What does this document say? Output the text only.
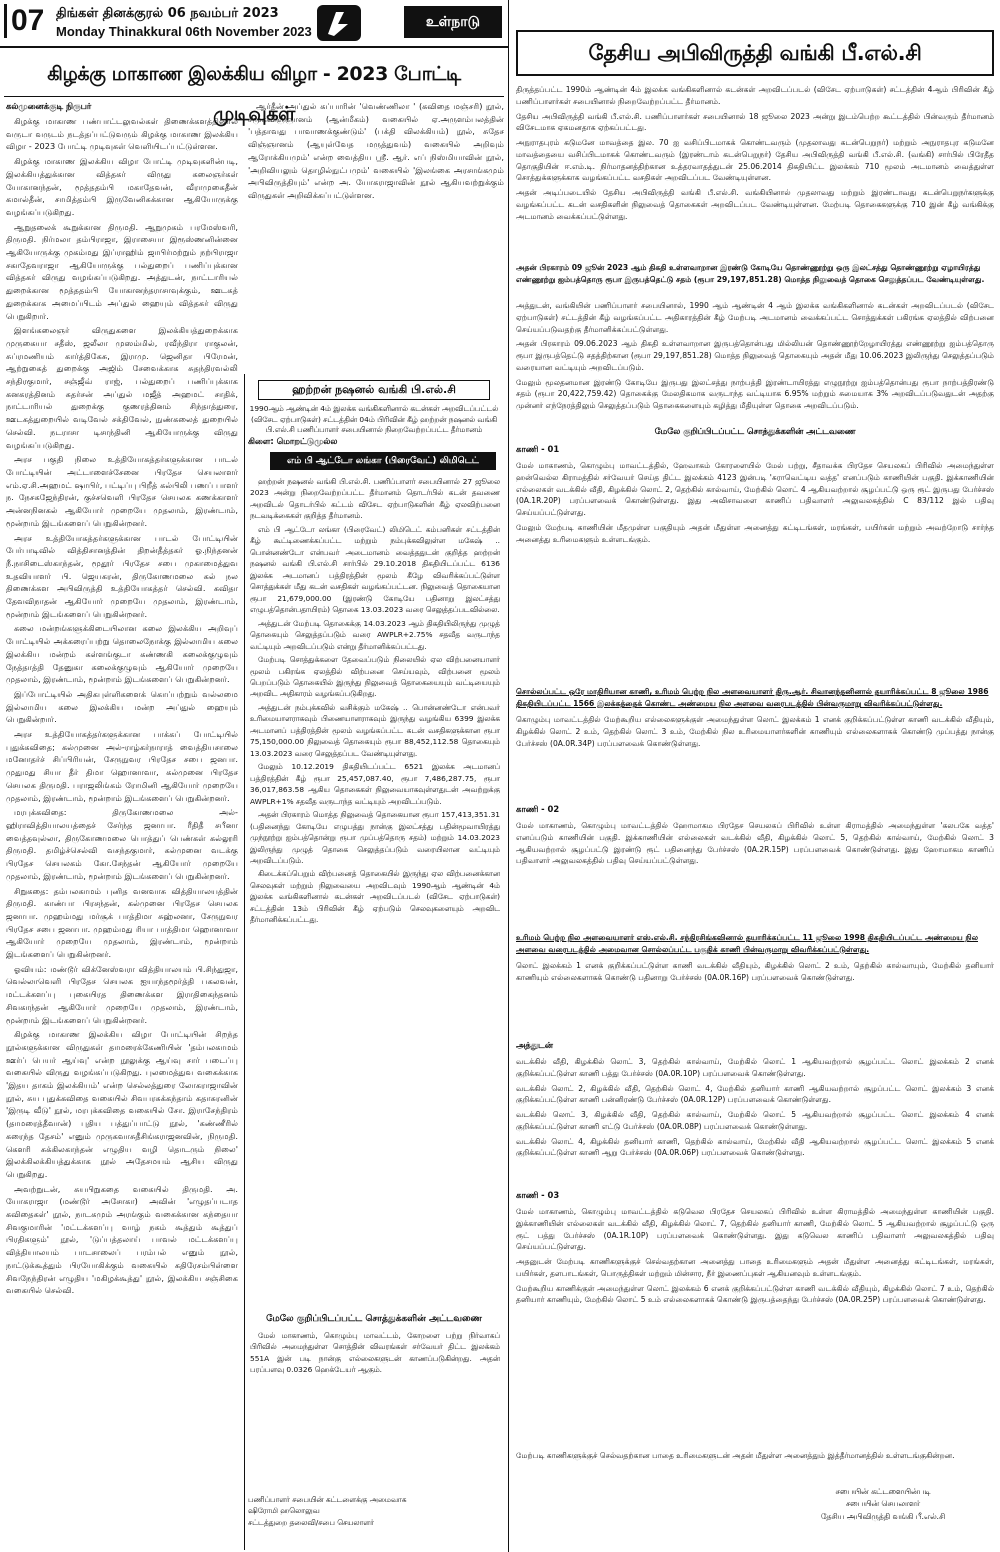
07 திங்கள் தினக்குரல் 06 நவம்பர் 2023
Monday Thinakkural 06th November 2023
உள்நாடு
கிழக்கு மாகாண இலக்கிய விழா - 2023 போட்டி முடிவுகள்

கல்முனைக்குடி நிருபர்

கிழக்கு மாகாண பண்பாட்டலுவல்கள் திணைக்களத்தினால் வருடா வருடம் நடத்தப்பட்டுவரும் கிழக்கு மாகாண இலக்கிய விழா - 2023 போட்டி முடிவுகள் வெளியிடப்பட்டுள்ளன.

கிழக்கு மாகாண இலக்கிய விழா போட்டி முடிவுகளின்படி, இலக்கியத்துக்கான வித்தகர் விருது கலைஞர்கள் யோகானந்தன், மூத்ததம்பி மகாதேவன், வீராமுகைதீன் கமால்தீன், சாமித்தம்பி இருவேனிசுக்கான ஆகியோருக்கு வழங்கப்படுகிறது.

ஆறுதலைக் கூறுக்கான திருமதி. ஆறுமுகம் பரமேஸ்வரி, திருமதி. நிர்மலா தம்பிராஜா, இராசையா இரூஸ்ணனின்னை ஆகியோருக்கு முகம்மது இப்ராஹிம் ஜாபிர்மற்றும் நற்பிராஜா சகாதேவராஜா ஆகியோருக்கு பல்துறைப் பணிப்புக்கான வித்தகர் விருது வழங்கப்படுகிறது. அத்துடன், நாட்டாரியல் துறைக்கான மூத்ததம்பி யோகானந்தராசாவுக்கும், ஊடகத் துறைக்காக அமைப்பிடம் அப்துல் ஹையும் வித்தகர் விருது பெறுகிறார்.

இளங்கலைஞர் விருதுகளை இலக்கியத்துறைக்காக முருகையா சதீஸ், ஜலீலா முஸம்மில், ரவீந்திரா ராகுலன், சுப்ரமணியம் கார்த்திகேசு, இராமு. ஜெனிதா பிரேமன், ஆற்றுகைத் துறைக்கு அஜிம் சேவைக்காக சுதந்திரவல்லி சந்திரகுமார், சஞ்ஜீவ் ராஜ், பல்துறைப் பணிப்புக்காக கனகரத்தினம் சுதர்சன் அப்துல் மஜீத் அஹமட் சாதிக், நாட்டாரியல் துறைக்கு குணரத்தினம் சிந்தாத்துரை, ஊடகத்துறையில் வடிவேல் சக்திவேல், நுண்கலைத் துறையில் செல்வி. நடராசா டிசாந்தினி ஆகியோருக்கு விருது வழங்கப்படுகிறது.

அரச பகுதி நிலை உத்தியோகத்தர்களுக்கான பாடல் போட்டியின் அட்டாளைச்சேனை பிரதேச செயலாளர் எம்.ஏ.சி.அஹமட் ஷாபிர், பட்டிப்பு பிறீத் கல்பிலி பணப் பாளர் ந. நேசகஜேந்திரன், குச்சவெளி பிரதேச செயலக கணக்காளர் அன்னநினகல் ஆகியோர் முறையே முதலாம், இரண்டாம், மூன்றாம் இடங்களைப் பெறுகின்றனர்.

அரச உத்தியோகத்தர்களுக்கான பாடல் போட்டியின் பேர்பாடிவில் வித்திசானத்தின் திறன்தீத்தகர் ஓ.நிந்தனன் நீ.நாசிடைஸ்காந்தன், மூதூர் பிரதேச சபை முகாமைத்துவ உதவியாளர் பி. ஜெயகரன், திருகோணமலை கல் நல திணைக்கள அபிவிருத்தி உத்தியோகத்தர் செல்வி. கவிதா தேவவிநாதன் ஆகியோர் முறையே முதலாம், இரண்டாம், மூன்றாம் இடங்களைப் பெறுகின்றனர்.

கலை மன்றங்களுக்கிடையிலான கலை இலக்கிய அறிவுப் போட்டியில் அக்கரைப்பற்று தொலைநோக்கு இல்லாமிய கலை இலக்கிய மன்றம் கள்ளங்குடா கண்ணகி கலைக்குழுவும் நேத்தாத்தி தேனுகா கலைக்குழுவும் ஆகியோர் முறையே முதலாம், இரண்டாம், மூன்றாம் இடங்களைப் பெறுகின்றனர்.

இப்போட்டியில் அதிகபுள்ளிகளைக் கொப்பற்றும் வல்லமை இல்லாமிய கலை இலக்கிய மன்ற அப்துல் ஹையும் பெறுகின்றார்.

அரச உத்தியோகத்தர்களுக்கான பாக்கப் போட்டியில் புதுக்கவிதை; கல்முனை அல்-ராழ்கர்நாராத் வைத்தியசாலை மனோதர்ச் சிப்பிரியன், சேருநுவர பிரதேச சபை ஜனபா. முதுமது சியா தீர் திமா ஹொனாவா, கல்முனை பிரதேச செயலக திருமதி. பராஜலிங்கம் ரோமினி ஆகியோர் முறையே முதலாம், இரண்டாம், மூன்றாம் இடங்களைப் பெறுகின்றனர்.

மரபுக்கவிதை: திருகோணமலை அல்-ஹிராவித்தியாலயத்தைச் சேர்ந்த ஜனாபா. ரீதிதீ சபீனா வைத்தவுல்லா, திருகோணமலை பொத்துப் பெண்கள் கல்லூரி திருமதி. தமிழ்ச்செல்வி வசந்தகுமார், கல்முனை வடக்கு பிரதேச செயலகம் கோ.சேந்தன் ஆகியோர் முறையே முதலாம், இரண்டாம், மூன்றாம் இடங்களைப் பெறுகின்றனர்.

சிறுகதை: தம்பலகாமம் புனித வனவாசு வித்தியாலயத்தின் திருமதி. காண்பா பிரசந்தன், கல்முனை பிரதேச செயலக ஜனாபா. முஹம்மது மர்சூக் பாத்திமா சுஹ்லனா, சேருநுவர பிரதேச சபை ஜனாபா. முஹம்மது ரியா பாத்திமா ஹொனாவா ஆகியோர் முறையே முதலாம், இரண்டாம், மூன்றாம் இடங்களைப் பெறுகின்றனர்.

ஓவியம்: மண்டூர் விக்னேஸ்வரா வித்தியாலயம் பி.சிந்துஜா, வெல்லாவெளி பிரதேச செயலக ஐயாந்தமூர்த்தி பகலவன், மட்டக்களப்பு புகையிரத திணைக்கள இராதிகைந்தனம் சிவகாந்தன் ஆகியோர் முறையே முதலாம், இரண்டாம், மூன்றாம் இடங்களைப் பெறுகின்றனர்.

கிழக்கு மாகாண இலக்கிய விழா போட்டியின் சிறந்த நூல்களுக்கான விருதுகள் தாமரைக்கேணியின் 'தம்பலகாமம் ஊர்ப் பெயர் ஆய்வு' என்ற நூலுக்கு ஆய்வு சார் படைப்பு வகையில் விருது வழங்கப்படுகிறது. புலமைத்துவ வகைக்காக 'இதய தாகம் இலக்கியம்' என்ற செல்லத்துரை லோகராஜாவின் நூல், சுய புதுக்கவிதை வகையில் சிவபரசுக்கந்தாம் கதாசுரனின் 'இருடி வீடு' நூல், மரபுக்கவிதை வகையில் சோ. இராசேந்திரம் (தாமரைத்தீவான்) புதிய பத்துப்பாட்டு நூல், 'கண்ணீரில் கரைந்த தேசம்' எனும் முருகவாசுதீசிங்கராஜனவின், நிருமதி. கௌரி சுக்கிலகாந்தன் எழுதிய வழி தொடரும் நிலை' இலக்கிலக்கியத்துக்காக நூல் அதேசமயம் ஆசிய விருது பெறுகிறது.

அவற்றுடன், சுயபிறுகதை வகையில் திருமதி. அ. யோகராஜா (மண்டூர் அசோகா) அவின் 'எழுதப்படாத கவிதைகள்' நூல், நாடகமும் அரங்கும் வகைக்கான கந்தையா சிவகுமாரின் 'மட்டக்களப்பு வாழ் நகம் கூத்தும் கூத்துப் பிரதிகளும்' நூல், 'டுப்பத்தலாய் பாவல் மட்டக்களப்பு வித்தியாலயம் பாடசாலைப் பரம்பல் எனும் நூல், நாட்டுக்கூத்தும் பிரயோகிக்கும் வகையில் கதிரேசம்பிள்ளை சிவநேந்திரன் எழுதிய 'மகிழக்கூத்து' நூல், இலக்கிய சஞ்சிகை வகையில் செல்வி.

ஆர்தீன் அப்துல் கப்பாரின் 'வெண்ணிலா ' (கவிதை மஞ்சரி) நூல், சமூகவிஞ்ஞானம் (ஆன்மீகம்) வகையில் ஏ.அருளம்பலத்தின் 'பத்தாவது பாவாணக்குண்டும்' (பக்தி விலக்கியம்) நூல், சுதேச விஞ்ஞானம் (ஆயுள்வேத மருத்துவம்) வகையில் அறிவும் ஆரோக்கியமும்' என்ற வைத்திய ஸ்ரீ. ஆர். எப் நிஸ்மியாவின் நூல், 'அறிவியலும் தொழில்நுட்பமும்' வகையில் 'இலங்கை அரசாங்கமும் அபிவிருத்தியும்' என்ற அ. யோகராஜாவின் நூல் ஆகியவற்றுக்கும் விருதுகள் அறிவிக்கப்பட்டுள்ளன.

ஹற்றன் நஷனல் வங்கி பி.எல்.சி
1990ஆம் ஆண்டின் 4ம் இலக்க வங்கிகளினால் கடன்கள் அறவிடப்பட்டல் (விசேட ஏற்பாடுகள்) சட்டத்தின் 04ம் பிரிவின் கீழ் ஹற்றன் நஷனல் வங்கி பி.எல்.சி பணிப்பாளர் சபையினால் நிறைவேற்றப்பட்ட தீர்மானம்
கிளை: மொறட்டுமுல்ல
எம் பி ஆட்டோ லங்கா (பிரைவேட்) லிமிடெட்

ஹற்றன் நஷனல் வங்கி பி.எல்.சி. பணிப்பாளர் சபையினால் 27 ஜூலை 2023 அன்று நிறைவேற்றப்பட்ட தீர்மானம் தொடர்பில் கடன் தவணை அறவிடல் தொடர்பில் கட்டம் விசேட ஏற்பாடுகளின் கீழ் ஏலவிற்பனை நடவடிக்கைகள் குறித்த தீர்மானம்.

எம் பி ஆட்டோ லங்கா (பிரைவேட்) லிமிடெட் கம்பனிகள் சட்டத்தின் கீழ் கூட்டிணைக்கப்பட்ட மற்றும் நம்புக்கவிலுள்ள மகேஷ் .. பொன்னண்டோ என்பவர் அடைமானம் வைத்ததுடன் குறித்த ஹற்றன் நஷனல் வங்கி பி.எல்.சி சார்பில் 29.10.2018 திகதியிடப்பட்ட 6136 இலக்க அடமானப் பத்திரத்தின் மூலம் கீழே விவரிக்கப்பட்டுள்ள சொத்துக்கள் மீது கடன் வசதிகள் வழங்கப்பட்டன. நிலுவைத் தொகையான ரூபா 21,679,000.00 (இரண்டு கோடியே பதினாறு இலட்சத்து எழுபத்தொன்பதாயிரம்) தொகை 13.03.2023 வரை செலுத்தப்படவில்லை.

அத்துடன் மேற்படி தொகைக்கு 14.03.2023 ஆம் திகதியிலிருந்து முழுத் தொகையும் செலுத்தப்படும் வரை AWPLR+2.75% சதவீத வருடாந்த வட்டியும் அறவிடப்படும் என்று தீர்மானிக்கப்பட்டது.

மேற்படி சொத்துக்களை தேவைப்படும் நிலையில் ஏல விற்பனையாளர் மூலம் பகிரங்க ஏலத்தில் விற்பனை செய்யவும், விற்பனை மூலம் பெறப்படும் தொகையில் இருந்து நிலுவைத் தொகையையும் வட்டியையும் அறவிட அதிகாரம் வழங்கப்படுகிறது.

அத்துடன் நம்புக்கவில் வசிக்கும் மகேஷ் .. பொன்னண்டோ என்பவர் உரிமையாளராகவும் பிணையாளராகவும் இருந்து வழங்கிய 6399 இலக்க அடமானப் பத்திரத்தின் மூலம் வழங்கப்பட்ட கடன் வசதிகளுக்கான ரூபா 75,150,000.00 நிலுவைத் தொகையும் ரூபா 88,452,112.58 தொகையும் 13.03.2023 வரை செலுத்தப்பட வேண்டியுள்ளது.

மேலும் 10.12.2019 திகதியிடப்பட்ட 6521 இலக்க அடமானப் பத்திரத்தின் கீழ் ரூபா 25,457,087.40, ரூபா 7,486,287.75, ரூபா 36,017,863.58 ஆகிய தொகைகள் நிலுவையாகவுள்ளதுடன் அவற்றுக்கு AWPLR+1% சதவீத வருடாந்த வட்டியும் அறவிடப்படும்.

அதன் பிரகாரம் மொத்த நிலுவைத் தொகையான ரூபா 157,413,351.31 (பதினைந்து கோடியே எழுபத்து நான்கு இலட்சத்து பதின்மூவாயிரத்து முந்நூற்று ஐம்பத்தொன்று ரூபா முப்பத்தொரு சதம்) மற்றும் 14.03.2023 இலிருந்து முழுத் தொகை செலுத்தப்படும் வரையிலான வட்டியும் அறவிடப்படும்.

கிடைக்கப்பெறும் விற்பனைத் தொகையில் இருந்து ஏல விற்பனைக்கான செலவுகள் மற்றும் நிலுவையை அறவிடவும் 1990ஆம் ஆண்டின் 4ம் இலக்க வங்கிகளினால் கடன்கள் அறவிடப்படல் (விசேட ஏற்பாடுகள்) சட்டத்தின் 13ம் பிரிவின் கீழ் ஏற்படும் செலவுகளையும் அறவிட தீர்மானிக்கப்பட்டது.

மேலே குறிப்பிடப்பட்ட சொத்துக்களின் அட்டவணை

மேல் மாகாணம், கொழும்பு மாவட்டம், கோறளை பற்று நிர்வாகப் பிரிவில் அமைந்துள்ள சொத்தின் விவரங்கள் சர்வேயர் திட்ட இலக்கம் 551A இன் படி நான்கு எல்லைகளுடன் காணப்படுகின்றது. அதன் பரப்பளவு 0.0326 ஹெக்டேயர் ஆகும்.

பணிப்பாளர் சபையின் கட்டளைக்கு அமைவாக
ஷிரோமி ஹலொலுவ
சட்டத்துறை தலைவி/சபை செயலாளர்
தேசிய அபிவிருத்தி வங்கி பீ.எல்.சி

திருத்தப்பட்ட 1990ம் ஆண்டின் 4ம் இலக்க வங்கிகளினால் கடன்கள் அறவிடப்படல் (விசேட ஏற்பாடுகள்) சட்டத்தின் 4ஆம் பிரிவின் கீழ் பணிப்பாளர்கள் சபையினால் நிறைவேற்றப்பட்ட தீர்மானம்.

தேசிய அபிவிருத்தி வங்கி பீ.எல்.சி. பணிப்பாளர்கள் சபையினால் 18 ஜூலை 2023 அன்று இடம்பெற்ற கூட்டத்தில் பின்வரும் தீர்மானம் விசேடமாக ஏகமனதாக ஏற்கப்பட்டது.

அநுராதபுரம் கடுமனே மாவத்தை இல. 70 ஐ வசிப்பிடமாகக் கொண்டவரும் (முதலாவது கடன்பெறுநர்) மற்றும் அநுராதபுர கடுமனே மாவத்தையை வசிப்பிடமாகக் கொண்டவரும் (இரண்டாம் கடன்பெறுநர்) தேசிய அபிவிருத்தி வங்கி பீ.எல்.சி. (வங்கி) சார்பில் பிரேதீத தொகுதியின் ஈ.எம்.டி. நிர்மாதனத்திற்கான உத்தரவாதத்துடன் 25.06.2014 திகதியிட்ட இலக்கம் 710 மூலம் அடமானம் வைத்துள்ள சொத்துக்களுக்காக வழங்கப்பட்ட வசதிகள் அறவிடப்பட வேண்டியுள்ளன.

அதன் அடிப்படையில் தேசிய அபிவிருத்தி வங்கி பீ.எல்.சி. வங்கியினால் முதலாவது மற்றும் இரண்டாவது கடன்பெறுநர்களுக்கு வழங்கப்பட்ட கடன் வசதிகளின் நிலுவைத் தொகைகள் அறவிடப்பட வேண்டியுள்ளன. மேற்படி தொகைகளுக்கு 710 இன் கீழ் வங்கிக்கு அடமானம் வைக்கப்பட்டுள்ளது.

அதன் பிரகாரம் 09 ஜூன் 2023 ஆம் திகதி உள்ளவாறான இரண்டு கோடியே தொண்ணூற்று ஒரு இலட்சத்து தொண்ணூற்று ஏழாயிரத்து எண்ணூற்று ஐம்பத்தொரு ரூபா இருபத்தெட்டு சதம் (ரூபா 29,197,851.28) மொத்த நிலுவைத் தொகை செலுத்தப்பட வேண்டியுள்ளது.

அத்துடன், வங்கியின் பணிப்பாளர் சபையினால், 1990 ஆம் ஆண்டின் 4 ஆம் இலக்க வங்கிகளினால் கடன்கள் அறவிடப்படல் (விசேட ஏற்பாடுகள்) சட்டத்தின் கீழ் வழங்கப்பட்ட அதிகாரத்தின் கீழ் மேற்படி அடமானம் வைக்கப்பட்ட சொத்துக்கள் பகிரங்க ஏலத்தில் விற்பனை செய்யப்படுவதற்கு தீர்மானிக்கப்பட்டுள்ளது.

அதன் பிரகாரம் 09.06.2023 ஆம் திகதி உள்ளவாறான இருபத்தொன்பது மில்லியன் தொண்ணூற்றேழாயிரத்து எண்ணூற்று ஐம்பத்தொரு ரூபா இருபத்தெட்டு சதத்திற்கான (ரூபா 29,197,851.28) மொத்த நிலுவைத் தொகையும் அதன் மீது 10.06.2023 இலிருந்து செலுத்தப்படும் வரையான வட்டியும் அறவிடப்படும்.

மேலும் மூலதனமான இரண்டு கோடியே இருபது இலட்சத்து நாற்பத்தி இரண்டாயிரத்து எழுநூற்று ஐம்பத்தொன்பது ரூபா நாற்பத்திரண்டு சதம் (ரூபா 20,422,759.42) தொகைக்கு மேலதிகமாக வருடாந்த வட்டியாக 6.95% மற்றும் சுமையாக 3% அறவிடப்படுவதுடன் அதற்கு முன்னர் எந்நேரத்திலும் செலுத்தப்படும் தொகைகளையும் கழித்து மீதியுள்ள தொகை அறவிடப்படும்.

மேலே குறிப்பிடப்பட்ட சொத்துக்களின் அட்டவணை
காணி - 01

மேல் மாகாணம், கொழும்பு மாவட்டத்தில், ஹேவாகம் கோரளையில் மேல் பற்று, சீதாவக்க பிரதேச செயலகப் பிரிவில் அமைந்துள்ள ஹன்வெல்ல கிராமத்தில் சர்வேயர் செய்த திட்ட இலக்கம் 4123 இன்படி 'சுராவெட்டிய வத்த' எனப்படும் காணியின் பகுதி. இக்காணியின் எல்லைகள் வடக்கில் வீதி, கிழக்கில் லொட் 2, தெற்கில் கால்வாய், மேற்கில் லொட் 4 ஆகியவற்றால் சூழப்பட்டு ஒரு ரூட் இருபது பேர்ச்சஸ் (0A.1R.20P) பரப்பளவைக் கொண்டுள்ளது. இது அவிசாவளை காணிப் பதிவாளர் அலுவலகத்தில் C 83/112 இல் பதிவு செய்யப்பட்டுள்ளது.

மேலும் மேற்படி காணியின் மீதமுள்ள பகுதியும் அதன் மீதுள்ள அனைத்து கட்டிடங்கள், மரங்கள், பயிர்கள் மற்றும் அவற்றோடு சார்ந்த அனைத்து உரிமைகளும் உள்ளடங்கும்.

சொல்லப்பட்ட ஒரே மாதிரியான காணி, உரிமம் பெற்ற நில அளவையாளர் திரு.ஆர். சிவானந்தனினால் தயாரிக்கப்பட்ட 8 ஜூலை 1986 திகதியிடப்பட்ட 1566 இலக்கத்தைக் கொண்ட அண்மைய நில அளவை வரைபடத்தில் பின்வருமாறு விவரிக்கப்பட்டுள்ளது.

கொழும்பு மாவட்டத்தில் மேற்கூறிய எல்லைகளுக்குள் அமைந்துள்ள லொட் இலக்கம் 1 எனக் குறிக்கப்பட்டுள்ள காணி வடக்கில் வீதியும், கிழக்கில் லொட் 2 உம், தெற்கில் லொட் 3 உம், மேற்கில் நில உரிமையாளர்களின் காணியும் எல்லைகளாகக் கொண்டு முப்பத்து நான்கு பேர்ச்சஸ் (0A.0R.34P) பரப்பளவைக் கொண்டுள்ளது.

காணி - 02

மேல் மாகாணம், கொழும்பு மாவட்டத்தில் ஹோமாகம பிரதேச செயலகப் பிரிவில் உள்ள கிராமத்தில் அமைந்துள்ள 'கலபகே வத்த' எனப்படும் காணியின் பகுதி. இக்காணியின் எல்லைகள் வடக்கில் வீதி, கிழக்கில் லொட் 5, தெற்கில் கால்வாய், மேற்கில் லொட் 3 ஆகியவற்றால் சூழப்பட்டு இரண்டு ரூட் பதினைந்து பேர்ச்சஸ் (0A.2R.15P) பரப்பளவைக் கொண்டுள்ளது. இது ஹோமாகம காணிப் பதிவாளர் அலுவலகத்தில் பதிவு செய்யப்பட்டுள்ளது.

உரிமம் பெற்ற நில அளவையாளர் எஸ்.எல்.சி. சந்திரசிங்கவினால் தயாரிக்கப்பட்ட 11 ஜூலை 1998 திகதியிடப்பட்ட அண்மைய நில அளவை வரைபடத்தில் அமைவான சொல்லப்பட்ட பகுதிக் காணி பின்வருமாறு விவரிக்கப்பட்டுள்ளது.

லொட் இலக்கம் 1 எனக் குறிக்கப்பட்டுள்ள காணி வடக்கில் வீதியும், கிழக்கில் லொட் 2 உம், தெற்கில் கால்வாயும், மேற்கில் தனியார் காணியும் எல்லைகளாகக் கொண்டு பதினாறு பேர்ச்சஸ் (0A.0R.16P) பரப்பளவைக் கொண்டுள்ளது.

அத்துடன்

வடக்கில் வீதி, கிழக்கில் லொட் 3, தெற்கில் கால்வாய், மேற்கில் லொட் 1 ஆகியவற்றால் சூழப்பட்ட லொட் இலக்கம் 2 எனக் குறிக்கப்பட்டுள்ள காணி பத்து பேர்ச்சஸ் (0A.0R.10P) பரப்பளவைக் கொண்டுள்ளது.

வடக்கில் லொட் 2, கிழக்கில் வீதி, தெற்கில் லொட் 4, மேற்கில் தனியார் காணி ஆகியவற்றால் சூழப்பட்ட லொட் இலக்கம் 3 எனக் குறிக்கப்பட்டுள்ள காணி பன்னிரண்டு பேர்ச்சஸ் (0A.0R.12P) பரப்பளவைக் கொண்டுள்ளது.

வடக்கில் லொட் 3, கிழக்கில் வீதி, தெற்கில் கால்வாய், மேற்கில் லொட் 5 ஆகியவற்றால் சூழப்பட்ட லொட் இலக்கம் 4 எனக் குறிக்கப்பட்டுள்ள காணி எட்டு பேர்ச்சஸ் (0A.0R.08P) பரப்பளவைக் கொண்டுள்ளது.

வடக்கில் லொட் 4, கிழக்கில் தனியார் காணி, தெற்கில் கால்வாய், மேற்கில் வீதி ஆகியவற்றால் சூழப்பட்ட லொட் இலக்கம் 5 எனக் குறிக்கப்பட்டுள்ள காணி ஆறு பேர்ச்சஸ் (0A.0R.06P) பரப்பளவைக் கொண்டுள்ளது.

காணி - 03

மேல் மாகாணம், கொழும்பு மாவட்டத்தில் கடுவெல பிரதேச செயலகப் பிரிவில் உள்ள கிராமத்தில் அமைந்துள்ள காணியின் பகுதி. இக்காணியின் எல்லைகள் வடக்கில் வீதி, கிழக்கில் லொட் 7, தெற்கில் தனியார் காணி, மேற்கில் லொட் 5 ஆகியவற்றால் சூழப்பட்டு ஒரு ரூட் பத்து பேர்ச்சஸ் (0A.1R.10P) பரப்பளவைக் கொண்டுள்ளது. இது கடுவெல காணிப் பதிவாளர் அலுவலகத்தில் பதிவு செய்யப்பட்டுள்ளது.

அதனுடன் மேற்படி காணிகளுக்குச் செல்வதற்கான அனைத்து பாதை உரிமைகளும் அதன் மீதுள்ள அனைத்து கட்டிடங்கள், மரங்கள், பயிர்கள், தளபாடங்கள், பொருத்திகள் மற்றும் மின்சார, நீர் இணைப்புகள் ஆகியனவும் உள்ளடங்கும்.

மேற்கூறிய காணிக்குள் அமைந்துள்ள லொட் இலக்கம் 6 எனக் குறிக்கப்பட்டுள்ள காணி வடக்கில் வீதியும், கிழக்கில் லொட் 7 உம், தெற்கில் தனியார் காணியும், மேற்கில் லொட் 5 உம் எல்லைகளாகக் கொண்டு இருபத்தைந்து பேர்ச்சஸ் (0A.0R.25P) பரப்பளவைக் கொண்டுள்ளது.

மேற்படி காணிகளுக்குச் செல்வதற்கான பாதை உரிமைகளுடன் அதன் மீதுள்ள அனைத்தும் இத்தீர்மானத்தில் உள்ளடங்குகின்றன.
சபையின் கட்டளையின்படி
சபையின் செயலாளர்
தேசிய அபிவிருத்தி வங்கி பீ.எல்.சி
